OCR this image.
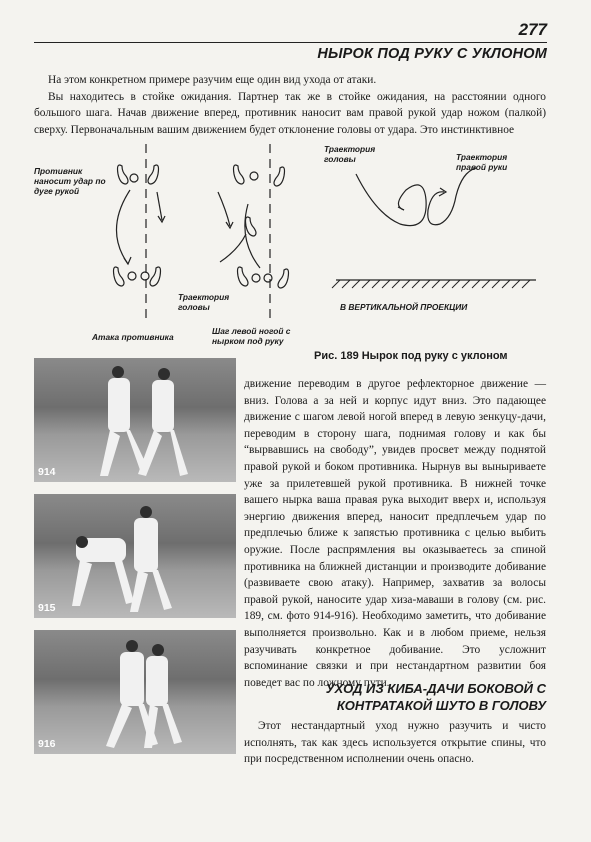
277
НЫРОК ПОД РУКУ С УКЛОНОМ

На этом конкретном примере разучим еще один вид ухода от атаки.

Вы находитесь в стойке ожидания. Партнер так же в стойке ожидания, на расстоянии одного большого шага. Начав движение вперед, противник наносит вам правой рукой удар ножом (палкой) сверху. Первоначальным вашим движением будет отклонение головы от удара. Это инстинктивное

Противник наносит удар по дуге рукой
Атака противника
Траектория головы
Шаг левой ногой с нырком под руку
Траектория головы	Траектория правой руки
В ВЕРТИКАЛЬНОЙ ПРОЕКЦИИ
Рис. 189 Нырок под руку с уклоном
914
915
916

движение переводим в другое рефлекторное движение — вниз. Голова а за ней и корпус идут вниз. Это падающее движение с шагом левой ногой вперед в левую зенкуцу-дачи, переводим в сторону шага, поднимая голову и как бы “вырвавшись на свободу”, увидев просвет между поднятой правой рукой и боком противника. Нырнув вы выныриваете уже за прилетевшей рукой противника. В нижней точке вашего нырка ваша правая рука выходит вверх и, используя энергию движения вперед, наносит предплечьем удар по предплечью ближе к запястью противника с целью выбить оружие. После распрямления вы оказываетесь за спиной противника на ближней дистанции и производите добивание (развиваете свою атаку). Например, захватив за волосы правой рукой, наносите удар хиза-маваши в голову (см. рис. 189, см. фото 914-916). Необходимо заметить, что добивание выполняется произвольно. Как и в любом приеме, нельзя разучивать конкретное добивание. Это усложнит вспоминание связки и при нестандартном развитии боя поведет вас по ложному пути.

УХОД ИЗ КИБА-ДАЧИ БОКОВОЙ С КОНТРАТАКОЙ ШУТО В ГОЛОВУ

Этот нестандартный уход нужно разучить и чисто исполнять, так как здесь используется открытие спины, что при посредственном исполнении очень опасно.
